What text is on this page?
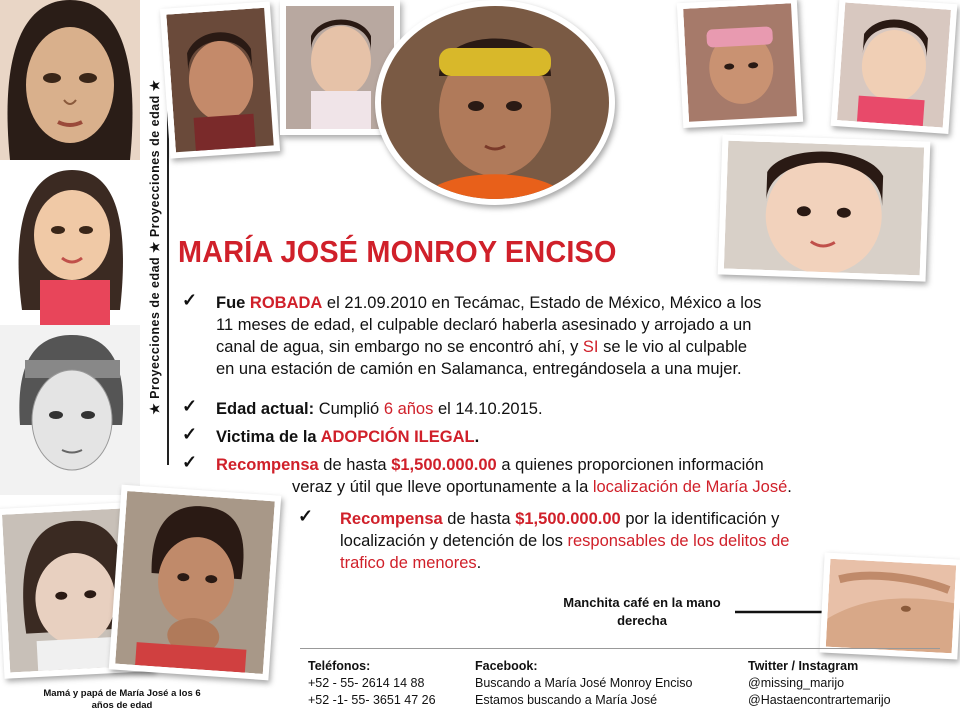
★ Proyecciones de edad ★ Proyecciones de edad ★ MARÍA JOSÉ MONROY ENCISO
✓ Fue ROBADA el 21.09.2010 en Tecámac, Estado de México, México a los
11 meses de edad, el culpable declaró haberla asesinado y arrojado a un
canal de agua, sin embargo no se encontró ahí, y SI se le vio al culpable
en una estación de camión en Salamanca, entregándosela a una mujer.
✓ Edad actual: Cumplió 6 años el 14.10.2015.
✓ Victima de la ADOPCIÓN ILEGAL.
✓ Recompensa de hasta $1,500.000.00 a quienes proporcionen información
veraz y útil que lleve oportunamente a la localización de María José.
✓ Recompensa de hasta $1,500.000.00 por la identificación y
localización y detención de los responsables de los delitos de
trafico de menores.
Mamá y papá de María José a los 6 años de edad
Manchita café en la mano derecha
Teléfonos:
+52 - 55- 2614 14 88
+52 -1- 55- 3651 47 26
Facebook:
Buscando a María José Monroy Enciso
Estamos buscando a María José
Twitter / Instagram
@missing_marijo
@Hastaencontrartemarijo
